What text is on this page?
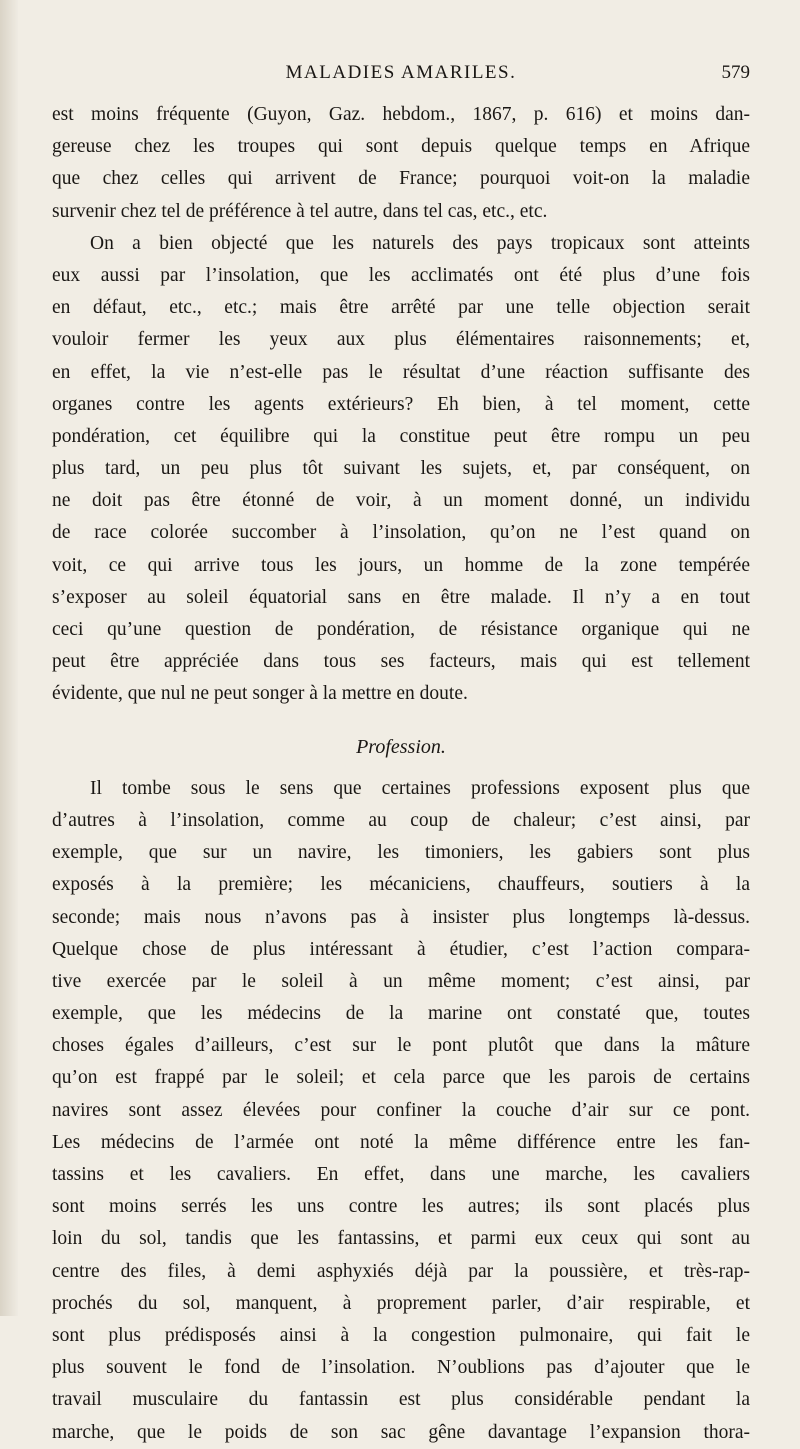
MALADIES AMARILES.	579
est moins fréquente (Guyon, Gaz. hebdom., 1867, p. 616) et moins dan-
gereuse chez les troupes qui sont depuis quelque temps en Afrique
que chez celles qui arrivent de France; pourquoi voit-on la maladie
survenir chez tel de préférence à tel autre, dans tel cas, etc., etc.
On a bien objecté que les naturels des pays tropicaux sont atteints
eux aussi par l’insolation, que les acclimatés ont été plus d’une fois
en défaut, etc., etc.; mais être arrêté par une telle objection serait
vouloir fermer les yeux aux plus élémentaires raisonnements; et,
en effet, la vie n’est-elle pas le résultat d’une réaction suffisante des
organes contre les agents extérieurs? Eh bien, à tel moment, cette
pondération, cet équilibre qui la constitue peut être rompu un peu
plus tard, un peu plus tôt suivant les sujets, et, par conséquent, on
ne doit pas être étonné de voir, à un moment donné, un individu
de race colorée succomber à l’insolation, qu’on ne l’est quand on
voit, ce qui arrive tous les jours, un homme de la zone tempérée
s’exposer au soleil équatorial sans en être malade. Il n’y a en tout
ceci qu’une question de pondération, de résistance organique qui ne
peut être appréciée dans tous ses facteurs, mais qui est tellement
évidente, que nul ne peut songer à la mettre en doute.
Profession.
Il tombe sous le sens que certaines professions exposent plus que
d’autres à l’insolation, comme au coup de chaleur; c’est ainsi, par
exemple, que sur un navire, les timoniers, les gabiers sont plus
exposés à la première; les mécaniciens, chauffeurs, soutiers à la
seconde; mais nous n’avons pas à insister plus longtemps là-dessus.
Quelque chose de plus intéressant à étudier, c’est l’action compara-
tive exercée par le soleil à un même moment; c’est ainsi, par
exemple, que les médecins de la marine ont constaté que, toutes
choses égales d’ailleurs, c’est sur le pont plutôt que dans la mâture
qu’on est frappé par le soleil; et cela parce que les parois de certains
navires sont assez élevées pour confiner la couche d’air sur ce pont.
Les médecins de l’armée ont noté la même différence entre les fan-
tassins et les cavaliers. En effet, dans une marche, les cavaliers
sont moins serrés les uns contre les autres; ils sont placés plus
loin du sol, tandis que les fantassins, et parmi eux ceux qui sont au
centre des files, à demi asphyxiés déjà par la poussière, et très-rap-
prochés du sol, manquent, à proprement parler, d’air respirable, et
sont plus prédisposés ainsi à la congestion pulmonaire, qui fait le
plus souvent le fond de l’insolation. N’oublions pas d’ajouter que le
travail musculaire du fantassin est plus considérable pendant la
marche, que le poids de son sac gêne davantage l’expansion thora-
